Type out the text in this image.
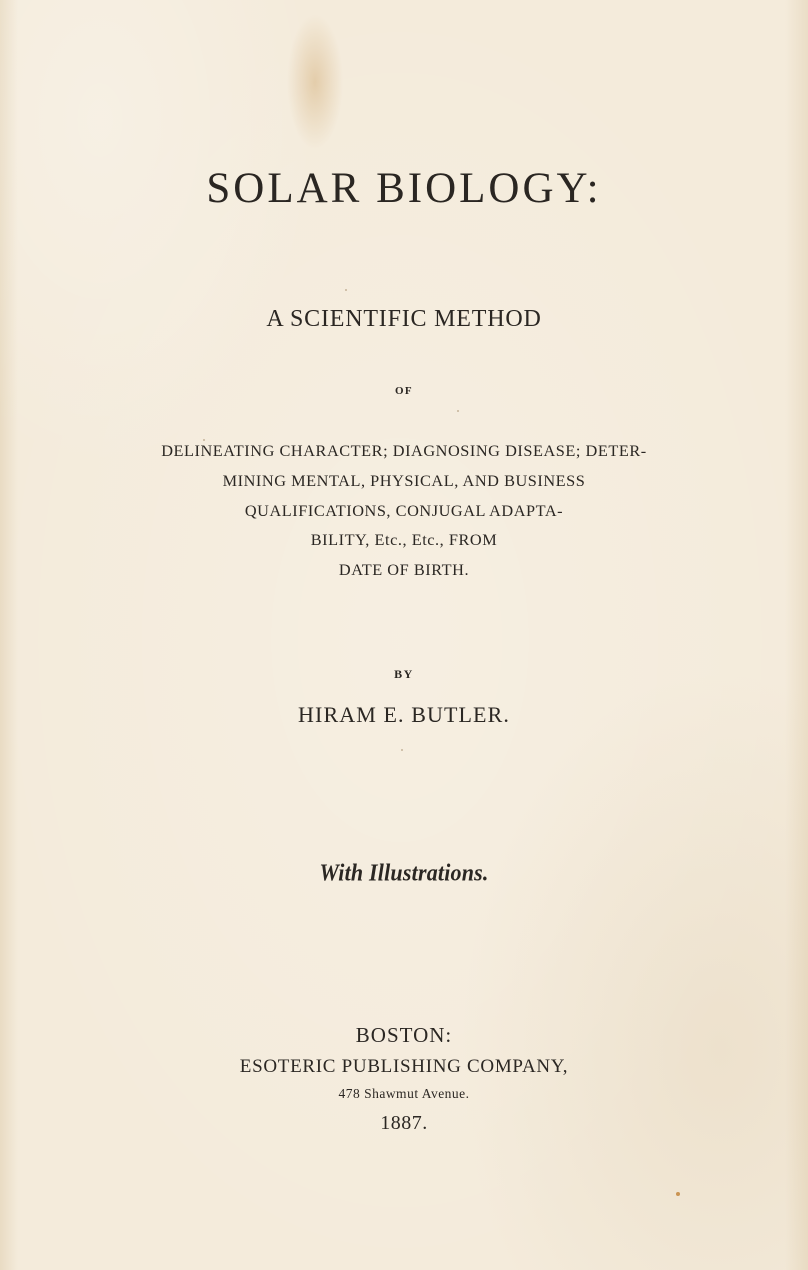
SOLAR BIOLOGY:
A SCIENTIFIC METHOD
OF
DELINEATING CHARACTER; DIAGNOSING DISEASE; DETER-
MINING MENTAL, PHYSICAL, AND BUSINESS
QUALIFICATIONS, CONJUGAL ADAPTA-
BILITY, Etc., Etc., FROM
DATE OF BIRTH.
BY
HIRAM E. BUTLER.
With Illustrations.
BOSTON:
ESOTERIC PUBLISHING COMPANY,
478 Shawmut Avenue.
1887.
